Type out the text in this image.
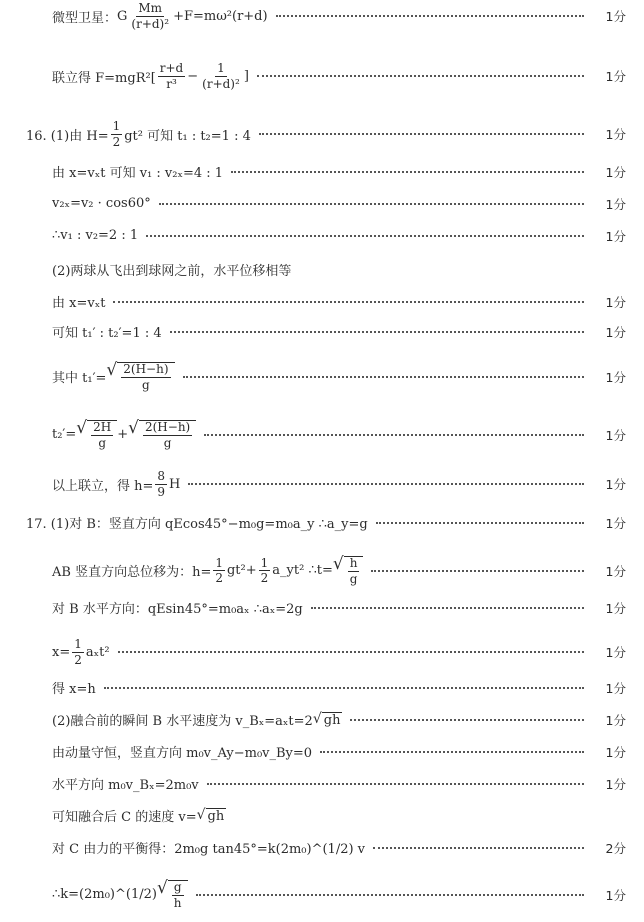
微型卫星： G $\frac{Mm}{\text{(r+d)²}} +F=m\omega^2(r+d)$	1分
联立得 $F=mgR^2[ \frac{r+d}{\text{r³}} - \frac{1}{\text{(r+d)²}}$ ]	1分
16. (1)由 $H= \frac{1}{2} gt^2$ 可知 t₁ : t₂=1 : 4	1分
由 x=vₓt 可知 v₁ : v₂ₓ=4 : 1	1分
v₂ₓ=v₂ · cos60°	1分
∴v₁ : v₂=2 : 1	1分
(2)两球从飞出到球网之前，水平位移相等
由 x=vₓt	1分
可知 t₁′ : t₂′=1 : 4	1分
其中 t₁′= √ $\frac{2(H-h)}{g}$	1分
t₂′= √ $\frac{2H}{g}$ + √ $\frac{2(H-h)}{g}$	1分
以上联立，得 $h= \frac{8}{9}$ H	1分
17. (1)对 B：竖直方向 qEcos45°−m₀g=m₀a_y ∴a_y=g	1分
AB 竖直方向总位移为：$h= \frac{1}{2} gt^2+ \frac{1}{2}$ a_yt² ∴t= √ $\frac{h}{g}$	1分
对 B 水平方向：qEsin45°=m₀aₓ ∴aₓ=2g	1分
$x= \frac{1}{2} a_xt^2$	1分
得 x=h	1分
(2)融合前的瞬间 B 水平速度为 v_Bₓ=aₓt=2 √ gh	1分
由动量守恒，竖直方向 m₀v_Ay−m₀v_By=0	1分
水平方向 m₀v_Bₓ=2m₀v	1分
可知融合后 C 的速度 v= √ gh
对 C 由力的平衡得：2m₀g tan45°=k(2m₀)^(1/2) v	2分
∴k=(2m₀)^(1/2) √ $\frac{g}{h}$	1分
